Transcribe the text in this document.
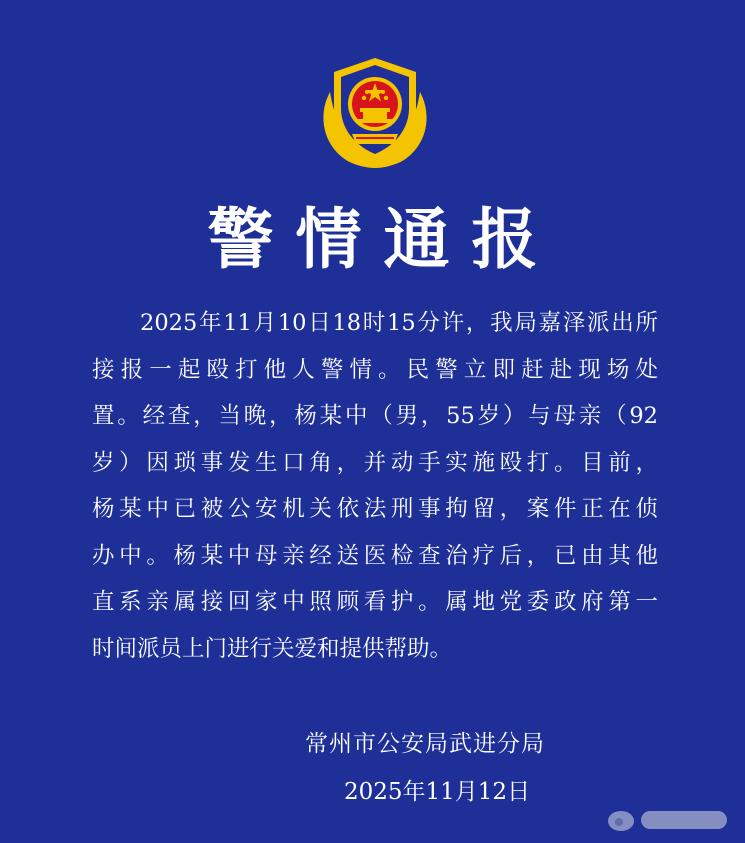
警情通报
2025年11月10日18时15分许，我局嘉泽派出所
接报一起殴打他人警情。民警立即赶赴现场处
置。经查，当晚，杨某中（男，55岁）与母亲（92
岁）因琐事发生口角，并动手实施殴打。目前，
杨某中已被公安机关依法刑事拘留，案件正在侦
办中。杨某中母亲经送医检查治疗后，已由其他
直系亲属接回家中照顾看护。属地党委政府第一
时间派员上门进行关爱和提供帮助。
常州市公安局武进分局
2025年11月12日
